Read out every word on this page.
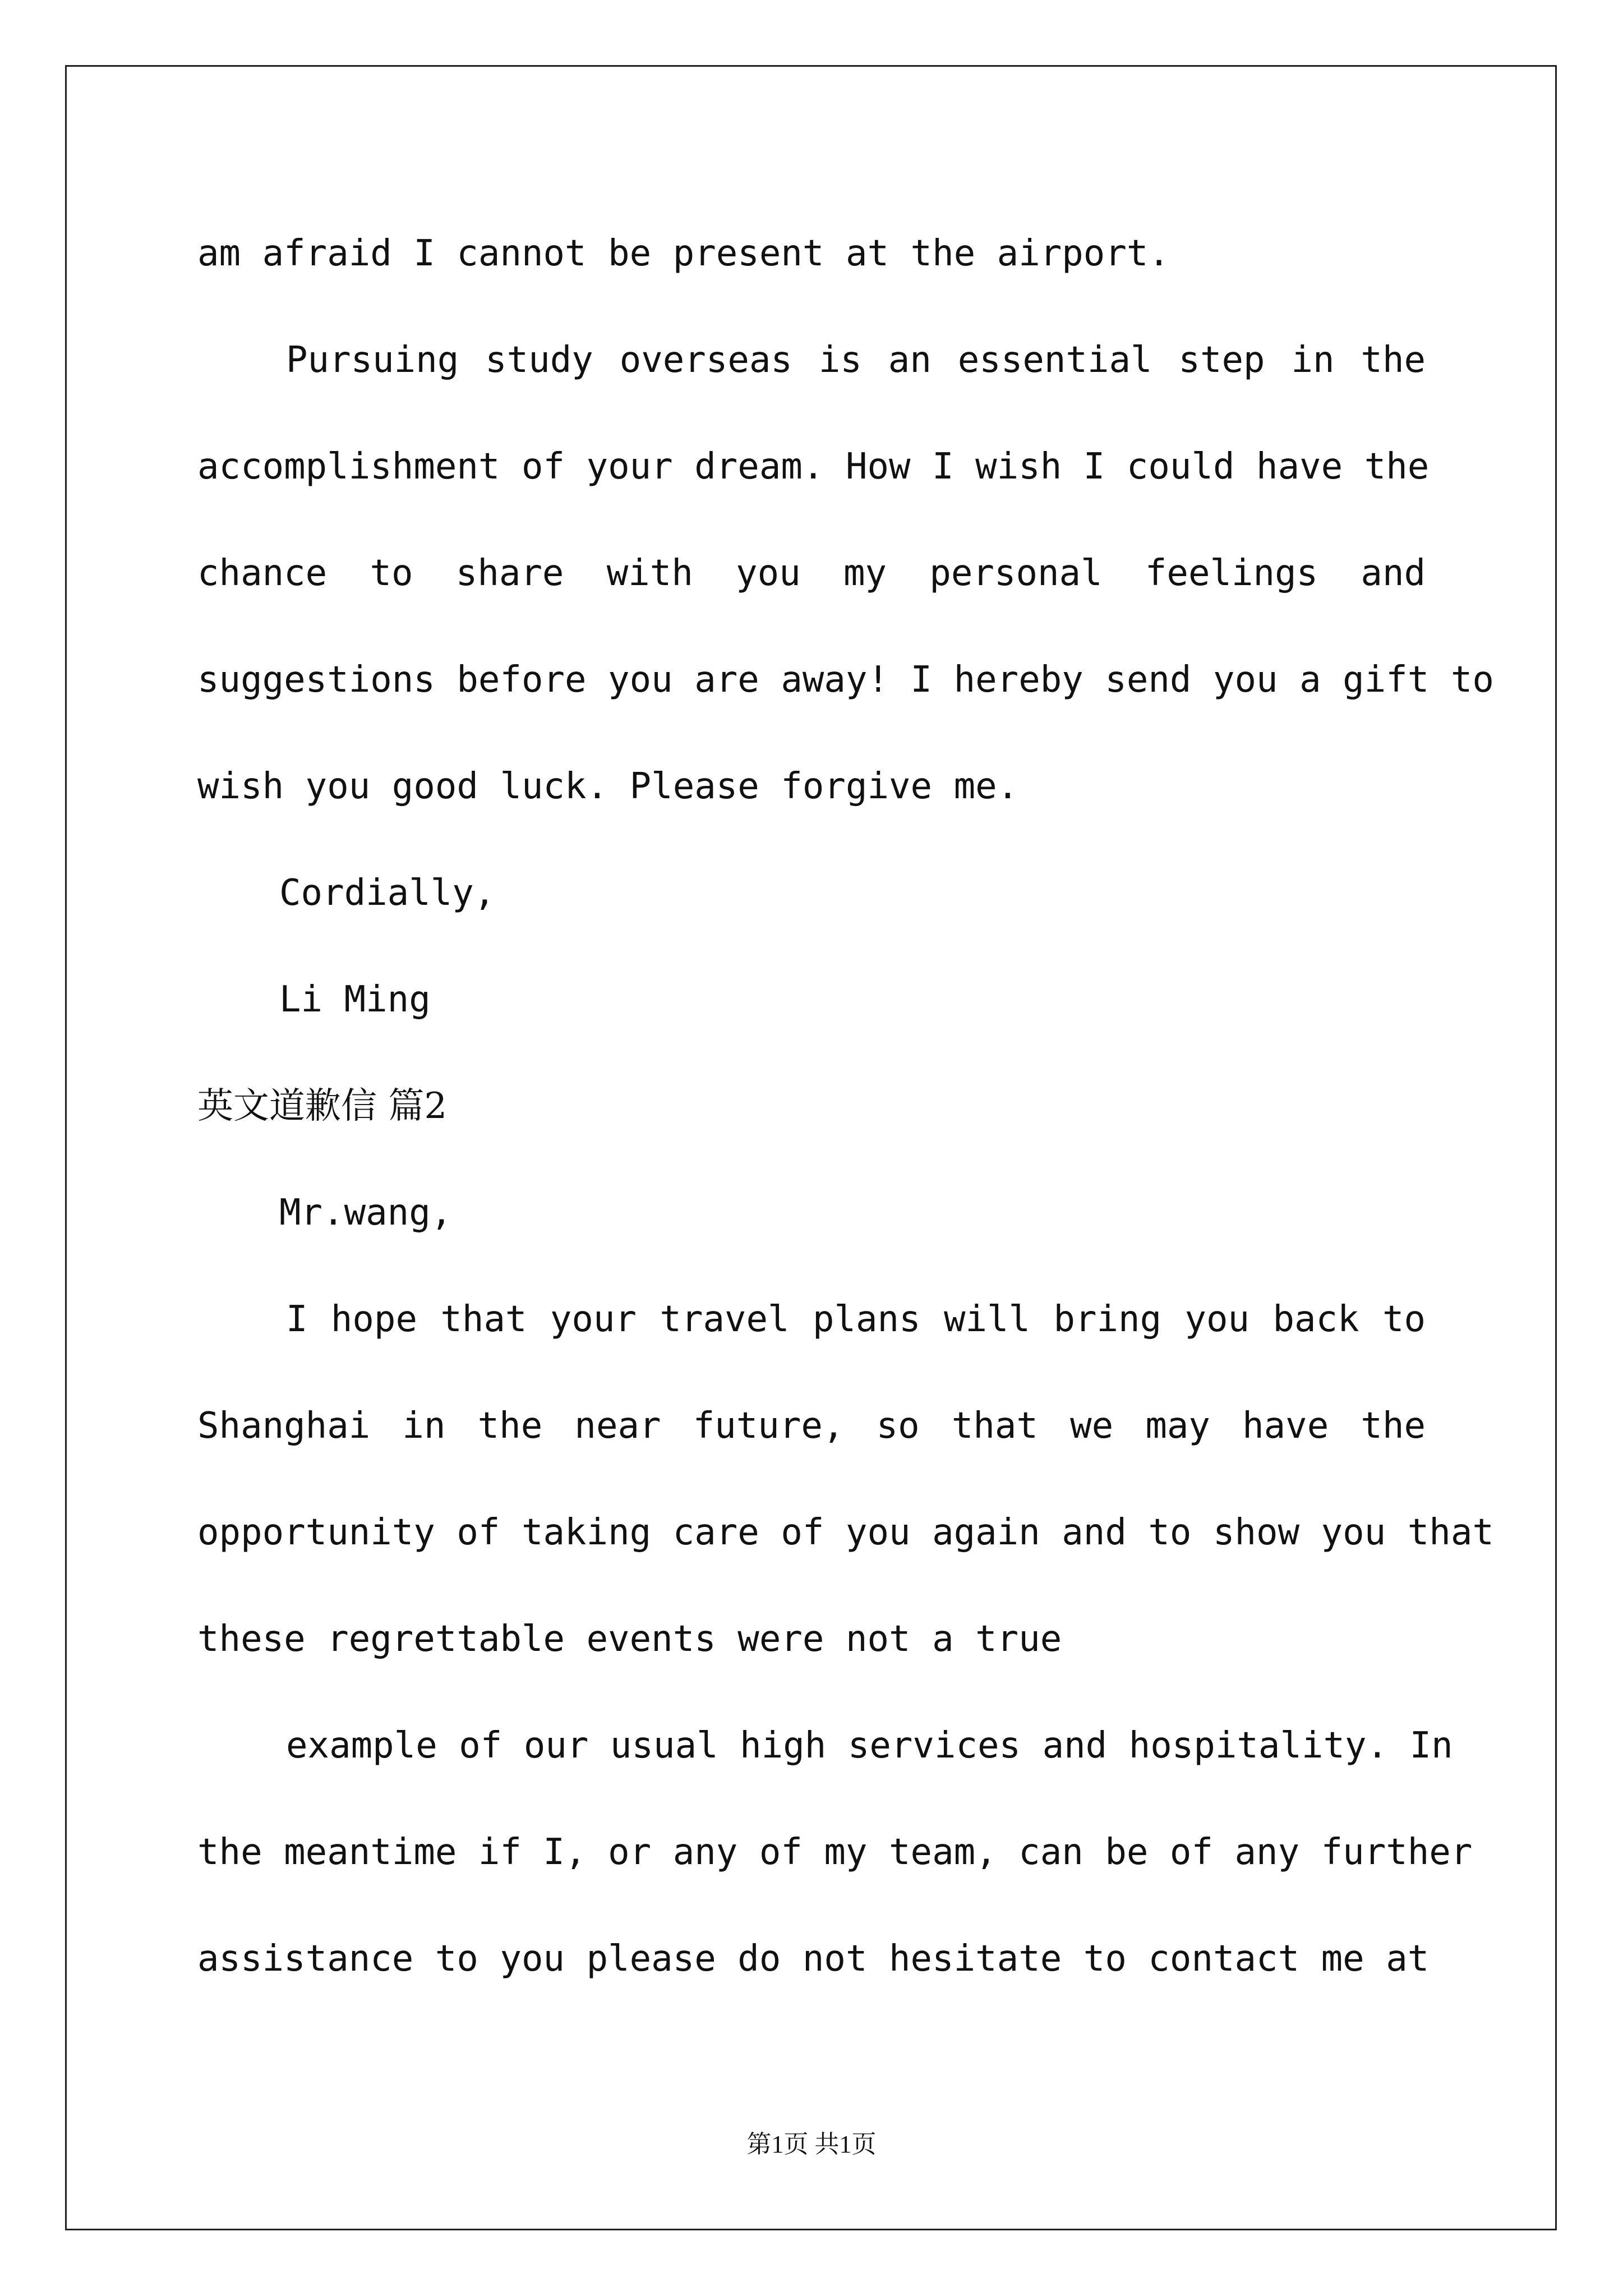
am afraid I cannot be present at the airport.
Pursuing study overseas is an essential step in the
accomplishment of your dream. How I wish I could have the
chance to share with you my personal feelings and
suggestions before you are away! I hereby send you a gift to
wish you good luck. Please forgive me.
Cordially,
Li Ming
英文道歉信 篇2
Mr.wang,
I hope that your travel plans will bring you back to
Shanghai in the near future, so that we may have the
opportunity of taking care of you again and to show you that
these regrettable events were not a true
example of our usual high services and hospitality. In
the meantime if I, or any of my team, can be of any further
assistance to you please do not hesitate to contact me at
第1页 共1页
